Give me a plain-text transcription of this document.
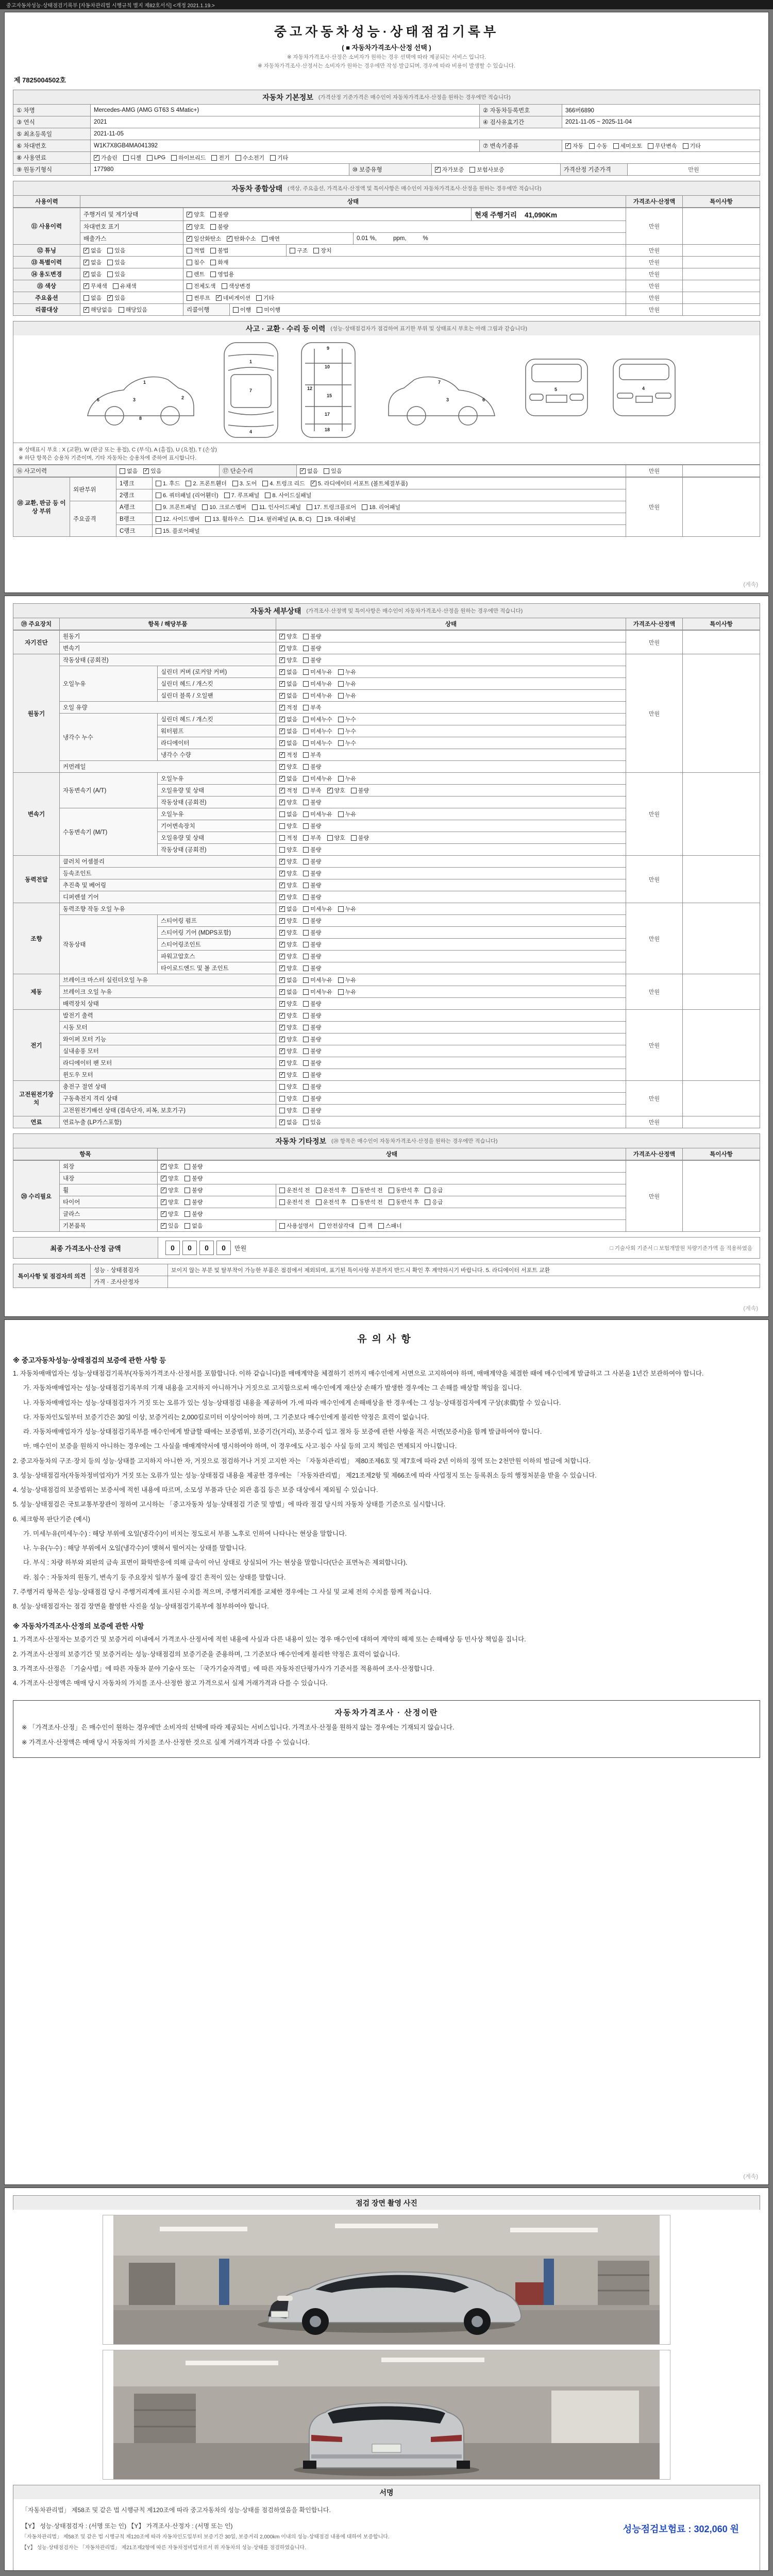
중고자동차성능·상태점검기록부 [자동차관리법 시행규칙 별지 제82호서식] <개정 2021.1.19.>
중고자동차성능·상태점검기록부
( ■ 자동차가격조사·산정 선택 )
※ 자동차가격조사·산정은 소비자가 원하는 경우 선택에 따라 제공되는 서비스 입니다.
※ 자동차가격조사·산정서는 소비자가 원하는 경우에만 작성·발급되며, 경우에 따라 비용이 발생할 수 있습니다.
제 7825004502호
자동차 기본정보 (가격산정 기준가격은 매수인이 자동차가격조사·산정을 원하는 경우에만 적습니다)
① 차명	Mercedes-AMG (AMG GT63 S 4Matic+)	② 자동차등록번호	366버6890
③ 연식	2021	④ 검사유효기간	2021-11-05 ~ 2025-11-04
⑤ 최초등록일	2021-11-05
⑥ 차대번호	W1K7X8GB4MA041392	⑦ 변속기종류	✓ 자동 수동 세미오토 무단변속 기타
⑧ 사용연료	✓ 가솔린 디젤 LPG 하이브리드 전기 수소전기 기타
⑨ 원동기형식	177980	⑩ 보증유형	✓ 자가보증 보험사보증	가격산정 기준가격	만원
자동차 종합상태 (색상, 주요옵션, 가격조사·산정액 및 특이사항은 매수인이 자동차가격조사·산정을 원하는 경우에만 적습니다)
사용이력	상태	가격조사·산정액	특이사항
⑪ 사용이력
주행거리 및 계기상태	✓ 양호 불량	현재 주행거리    41,090Km
차대번호 표기	✓ 양호 불량
배출가스	✓ 일산화탄소 ✓ 탄화수소 매연	0.01 %,          ppm,          %
만원
⑫ 튜닝	✓ 없음 있음	적법 불법	구조 장치	만원
⑬ 특별이력	✓ 없음 있음	침수 화재	만원
⑭ 용도변경	✓ 없음 있음	렌트 영업용	만원
⑮ 색상	✓ 무채색 유채색	전체도색 색상변경	만원
주요옵션	없음 ✓ 있음	썬루프 ✓ 네비게이션 기타	만원
리콜대상	✓ 해당없음 해당있음	리콜이행	이행 미이행	만원
사고 · 교환 · 수리 등 이력 (성능·상태점검자가 점검하여 표기한 부위 및 상태표시 부호는 아래 그림과 같습니다)
1
2
3
6
8
1
7
4
9
10
12
15
17
18
3	6
7
5	4
※ 상태표시 부호 : X (교환), W (판금 또는 용접), C (부식), A (흠집), U (요철), T (손상)
※ 하단 항목은 승용차 기준이며, 기타 자동차는 승용차에 준하여 표시합니다.
⑯ 사고이력	없음 ✓ 있음	⑰ 단순수리	✓ 없음 있음	만원
⑱ 교환, 판금 등 이상 부위
외판부위
1랭크	1. 후드 2. 프론트휀더 3. 도어 4. 트렁크 리드 ✓ 5. 라디에이터 서포트 (볼트체결부품)
2랭크	6. 쿼터패널 (리어휀더) 7. 루프패널 8. 사이드실패널
주요골격
A랭크	9. 프론트패널 10. 크로스멤버 11. 인사이드패널 17. 트렁크플로어 18. 리어패널
B랭크	12. 사이드멤버 13. 휠하우스 14. 필러패널 (A, B, C) 19. 대쉬패널
C랭크	15. 플로어패널
만원
(계속)
자동차 세부상태 (가격조사·산정액 및 특이사항은 매수인이 자동차가격조사·산정을 원하는 경우에만 적습니다)
⑲ 주요장치	항목 / 해당부품	상태	가격조사·산정액	특이사항
자기진단
원동기	✓ 양호 불량
변속기	✓ 양호 불량
만원
원동기
작동상태 (공회전)	✓ 양호 불량
오일누유
실린더 커버 (로커암 커버)	✓ 없음 미세누유 누유
실린더 헤드 / 개스킷	✓ 없음 미세누유 누유
실린더 블록 / 오일팬	✓ 없음 미세누유 누유
오일 유량	✓ 적정 부족
냉각수 누수
실린더 헤드 / 개스킷	✓ 없음 미세누수 누수
워터펌프	✓ 없음 미세누수 누수
라디에이터	✓ 없음 미세누수 누수
냉각수 수량	✓ 적정 부족
커먼레일	✓ 양호 불량
만원
변속기
자동변속기 (A/T)
오일누유	✓ 없음 미세누유 누유
오일유량 및 상태	✓ 적정 부족 ✓ 양호 불량
작동상태 (공회전)	✓ 양호 불량
수동변속기 (M/T)
오일누유	없음 미세누유 누유
기어변속장치	양호 불량
오일유량 및 상태	적정 부족 양호 불량
작동상태 (공회전)	양호 불량
만원
동력전달
클러치 어셈블리	✓ 양호 불량
등속조인트	✓ 양호 불량
추진축 및 베어링	✓ 양호 불량
디퍼렌셜 기어	✓ 양호 불량
만원
조향
동력조향 작동 오일 누유	✓ 없음 미세누유 누유
작동상태
스티어링 펌프	✓ 양호 불량
스티어링 기어 (MDPS포함)	✓ 양호 불량
스티어링조인트	✓ 양호 불량
파워고압호스	✓ 양호 불량
타이로드엔드 및 볼 조인트	✓ 양호 불량
만원
제동
브레이크 마스터 실린더오일 누유	✓ 없음 미세누유 누유
브레이크 오일 누유	✓ 없음 미세누유 누유
배력장치 상태	✓ 양호 불량
만원
전기
발전기 출력	✓ 양호 불량
시동 모터	✓ 양호 불량
와이퍼 모터 기능	✓ 양호 불량
실내송풍 모터	✓ 양호 불량
라디에이터 팬 모터	✓ 양호 불량
윈도우 모터	✓ 양호 불량
만원
고전원전기장치
충전구 절연 상태	양호 불량
구동축전지 격리 상태	양호 불량
고전원전기배선 상태 (접속단자, 피복, 보호기구)	양호 불량
만원
연료	연료누출 (LP가스포함)	✓ 없음 있음	만원
자동차 기타정보 (⑳ 항목은 매수인이 자동차가격조사·산정을 원하는 경우에만 적습니다)
항목	상태	가격조사·산정액	특이사항
⑳ 수리필요
외장	✓ 양호 불량
내장	✓ 양호 불량
휠	✓ 양호 불량	운전석 전 운전석 후 동반석 전 동반석 후 응급
타이어	✓ 양호 불량	운전석 전 운전석 후 동반석 전 동반석 후 응급
글라스	✓ 양호 불량
기본품목	✓ 있음 없음	사용설명서 안전삼각대 잭 스패너
만원
최종 가격조사·산정 금액	0	0	0	0	만원	□ 기술사회 기준서 □ 보험개발원 차량기준가액 을 적용하였음
특이사항 및 점검자의 의견
성능 · 상태점검자	보이지 않는 부분 및 탈부착이 가능한 부품은 점검에서 제외되며, 표기된 특이사항 부분까지 반드시 확인 후 계약하시기 바랍니다. 5. 라디에이터 서포트 교환
가격 · 조사산정자
(계속)
유의사항
※ 중고자동차성능·상태점검의 보증에 관한 사항 등
1. 자동차매매업자는 성능·상태점검기록부(자동차가격조사·산정서를 포함합니다. 이하 같습니다)를 매매계약을 체결하기 전까지 매수인에게 서면으로 고지하여야 하며, 매매계약을 체결한 때에 매수인에게 발급하고 그 사본을 1년간 보관하여야 합니다.
가. 자동차매매업자는 성능·상태점검기록부의 기재 내용을 고지하지 아니하거나 거짓으로 고지함으로써 매수인에게 재산상 손해가 발생한 경우에는 그 손해를 배상할 책임을 집니다.
나. 자동차매매업자는 성능·상태점검자가 거짓 또는 오류가 있는 성능·상태점검 내용을 제공하여 가.에 따라 매수인에게 손해배상을 한 경우에는 그 성능·상태점검자에게 구상(求償)할 수 있습니다.
다. 자동차인도일부터 보증기간은 30일 이상, 보증거리는 2,000킬로미터 이상이어야 하며, 그 기준보다 매수인에게 불리한 약정은 효력이 없습니다.
라. 자동차매매업자가 성능·상태점검기록부를 매수인에게 발급할 때에는 보증범위, 보증기간(거리), 보증수리 입고 절차 등 보증에 관한 사항을 적은 서면(보증서)을 함께 발급하여야 합니다.
마. 매수인이 보증을 원하지 아니하는 경우에는 그 사실을 매매계약서에 명시하여야 하며, 이 경우에도 사고·침수 사실 등의 고지 책임은 면제되지 아니합니다.
2. 중고자동차의 구조·장치 등의 성능·상태를 고지하지 아니한 자, 거짓으로 점검하거나 거짓 고지한 자는 「자동차관리법」 제80조제6호 및 제7호에 따라 2년 이하의 징역 또는 2천만원 이하의 벌금에 처합니다.
3. 성능·상태점검자(자동차정비업자)가 거짓 또는 오류가 있는 성능·상태점검 내용을 제공한 경우에는 「자동차관리법」 제21조제2항 및 제66조에 따라 사업정지 또는 등록취소 등의 행정처분을 받을 수 있습니다.
4. 성능·상태점검의 보증범위는 보증서에 적힌 내용에 따르며, 소모성 부품과 단순 외관 흠집 등은 보증 대상에서 제외될 수 있습니다.
5. 성능·상태점검은 국토교통부장관이 정하여 고시하는 「중고자동차 성능·상태점검 기준 및 방법」에 따라 점검 당시의 자동차 상태를 기준으로 실시합니다.
6. 체크항목 판단기준 (예시)
가. 미세누유(미세누수) : 해당 부위에 오일(냉각수)이 비치는 정도로서 부품 노후로 인하여 나타나는 현상을 말합니다.
나. 누유(누수) : 해당 부위에서 오일(냉각수)이 맺혀서 떨어지는 상태를 말합니다.
다. 부식 : 차량 하부와 외판의 금속 표면이 화학반응에 의해 금속이 아닌 상태로 상실되어 가는 현상을 말합니다(단순 표면녹은 제외합니다).
라. 침수 : 자동차의 원동기, 변속기 등 주요장치 일부가 물에 잠긴 흔적이 있는 상태를 말합니다.
7. 주행거리 항목은 성능·상태점검 당시 주행거리계에 표시된 수치를 적으며, 주행거리계를 교체한 경우에는 그 사실 및 교체 전의 수치를 함께 적습니다.
8. 성능·상태점검자는 점검 장면을 촬영한 사진을 성능·상태점검기록부에 첨부하여야 합니다.
※ 자동차가격조사·산정의 보증에 관한 사항
1. 가격조사·산정자는 보증기간 및 보증거리 이내에서 가격조사·산정서에 적힌 내용에 사실과 다른 내용이 있는 경우 매수인에 대하여 계약의 해제 또는 손해배상 등 민사상 책임을 집니다.
2. 가격조사·산정의 보증기간 및 보증거리는 성능·상태점검의 보증기준을 준용하며, 그 기준보다 매수인에게 불리한 약정은 효력이 없습니다.
3. 가격조사·산정은 「기술사법」에 따른 자동차 분야 기술사 또는 「국가기술자격법」에 따른 자동차진단평가사가 기준서를 적용하여 조사·산정합니다.
4. 가격조사·산정액은 매매 당시 자동차의 가치를 조사·산정한 참고 가격으로서 실제 거래가격과 다를 수 있습니다.
자동차가격조사 · 산정이란
※ 「가격조사·산정」은 매수인이 원하는 경우에만 소비자의 선택에 따라 제공되는 서비스입니다. 가격조사·산정을 원하지 않는 경우에는 기재되지 않습니다.
※ 가격조사·산정액은 매매 당시 자동차의 가치를 조사·산정한 것으로 실제 거래가격과 다를 수 있습니다.
(계속)
점검 장면 촬영 사진
서명
「자동차관리법」 제58조 및 같은 법 시행규칙 제120조에 따라 중고자동차의 성능·상태를 점검하였음을 확인합니다.
【Y】 성능·상태점검자 : (서명 또는 인) 【Y】 가격조사·산정자 : (서명 또는 인)	성능점검보험료 : 302,060 원
「자동차관리법」 제58조 및 같은 법 시행규칙 제120조에 따라 자동차인도일부터 보증기간 30일, 보증거리 2,000km 이내의 성능·상태점검 내용에 대하여 보증합니다.
【Y】 성능·상태점검자는 「자동차관리법」 제21조제2항에 따른 자동차정비업자로서 위 자동차의 성능·상태를 점검하였습니다.
